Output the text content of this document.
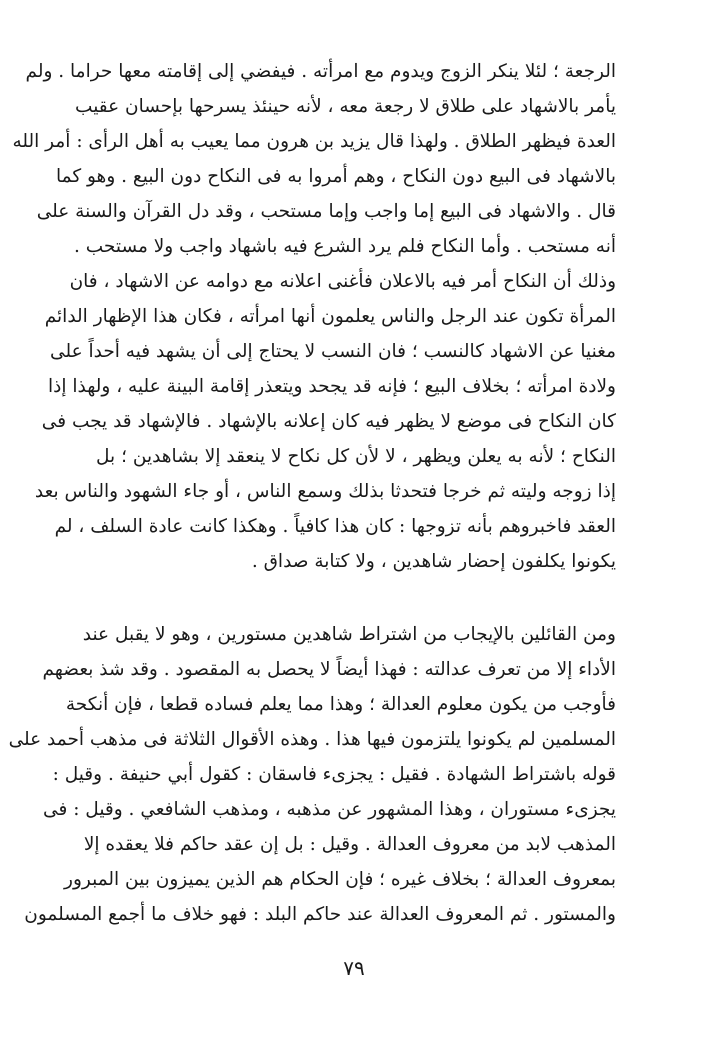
الرجعة ؛ لئلا ينكر الزوج ويدوم مع امرأته . فيفضي إلى إقامته معها حراما . ولم
يأمر بالاشهاد على طلاق لا رجعة معه ، لأنه حينئذ يسرحها بإحسان عقيب
العدة فيظهر الطلاق . ولهذا قال يزيد بن هرون مما يعيب به أهل الرأى : أمر الله
بالاشهاد فى البيع دون النكاح ، وهم أمروا به فى النكاح دون البيع . وهو كما
قال . والاشهاد فى البيع إما واجب وإما مستحب ، وقد دل القرآن والسنة على
أنه مستحب . وأما النكاح فلم يرد الشرع فيه باشهاد واجب ولا مستحب .
وذلك أن النكاح أمر فيه بالاعلان فأغنى اعلانه مع دوامه عن الاشهاد ، فان
المرأة تكون عند الرجل والناس يعلمون أنها امرأته ، فكان هذا الإظهار الدائم
مغنيا عن الاشهاد كالنسب ؛ فان النسب لا يحتاج إلى أن يشهد فيه أحداً على
ولادة امرأته ؛ بخلاف البيع ؛ فإنه قد يجحد ويتعذر إقامة البينة عليه ، ولهذا إذا
كان النكاح فى موضع لا يظهر فيه كان إعلانه بالإشهاد . فالإشهاد قد يجب فى
النكاح ؛ لأنه به يعلن ويظهر ، لا لأن كل نكاح لا ينعقد إلا بشاهدين ؛ بل
إذا زوجه وليته ثم خرجا فتحدثا بذلك وسمع الناس ، أو جاء الشهود والناس بعد
العقد فاخبروهم بأنه تزوجها : كان هذا كافياً . وهكذا كانت عادة السلف ، لم
يكونوا يكلفون إحضار شاهدين ، ولا كتابة صداق .
ومن القائلين بالإيجاب من اشتراط شاهدين مستورين ، وهو لا يقبل عند
الأداء إلا من تعرف عدالته : فهذا أيضاً لا يحصل به المقصود . وقد شذ بعضهم
فأوجب من يكون معلوم العدالة ؛ وهذا مما يعلم فساده قطعا ، فإن أنكحة
المسلمين لم يكونوا يلتزمون فيها هذا . وهذه الأقوال الثلاثة فى مذهب أحمد على
قوله باشتراط الشهادة . فقيل : يجزىء فاسقان : كقول أبي حنيفة . وقيل :
يجزىء مستوران ، وهذا المشهور عن مذهبه ، ومذهب الشافعي . وقيل : فى
المذهب لابد من معروف العدالة . وقيل : بل إن عقد حاكم فلا يعقده إلا
بمعروف العدالة ؛ بخلاف غيره ؛ فإن الحكام هم الذين يميزون بين المبرور
والمستور . ثم المعروف العدالة عند حاكم البلد : فهو خلاف ما أجمع المسلمون
٧٩
